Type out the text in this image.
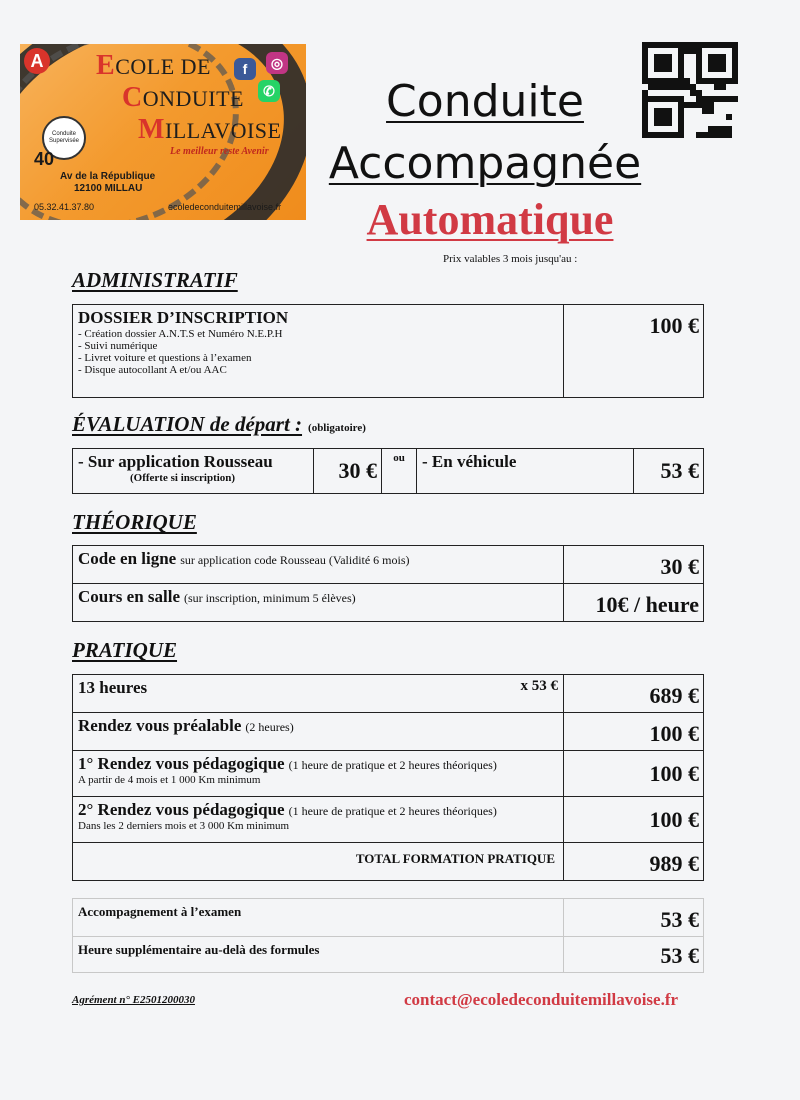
A
Conduite Supervisée
ECOLE DE
CONDUITE
MILLAVOISE
f	◎
✆
Le meilleur reste Avenir
40
Av de la République
12100 MILLAU
05.32.41.37.80	ecoledeconduitemillavoise.fr
Conduite
Accompagnée
Automatique
Prix valables 3 mois jusqu'au :
ADMINISTRATIF
DOSSIER D’INSCRIPTION
- Création dossier A.N.T.S et Numéro N.E.P.H
- Suivi numérique
- Livret voiture et questions à l’examen
- Disque autocollant A et/ou AAC
	100 €
ÉVALUATION de départ : (obligatoire)
- Sur application Rousseau
(Offerte si inscription)	30 €	ou	- En véhicule	53 €
THÉORIQUE
Code en ligne sur application code Rousseau (Validité 6 mois)	30 €
Cours en salle (sur inscription, minimum 5 élèves)	10€ / heure
PRATIQUE
13 heures x 53 €	689 €
Rendez vous préalable (2 heures)	100 €
1° Rendez vous pédagogique (1 heure de pratique et 2 heures théoriques)
A partir de 4 mois et 1 000 Km minimum	100 €
2° Rendez vous pédagogique (1 heure de pratique et 2 heures théoriques)
Dans les 2 derniers mois et 3 000 Km minimum	100 €
TOTAL FORMATION PRATIQUE	989 €
Accompagnement à l’examen	53 €
Heure supplémentaire au-delà des formules	53 €
Agrément n° E2501200030	contact@ecoledeconduitemillavoise.fr
